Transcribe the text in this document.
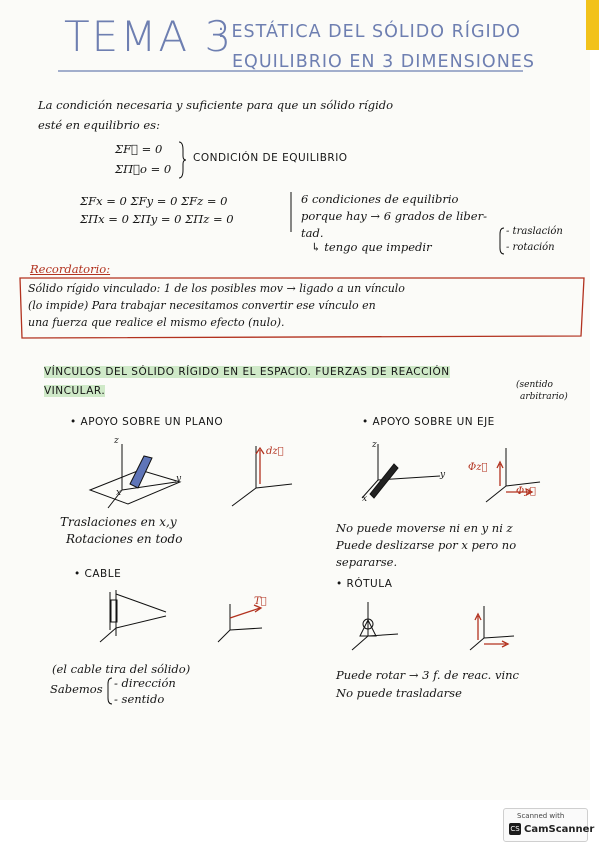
TEMA 3
: ESTÁTICA DEL SÓLIDO RÍGIDO
EQUILIBRIO EN 3 DIMENSIONES
La condición necesaria y suficiente para que un sólido rígido
esté en equilibrio es:
ΣF⃗ = 0
ΣΠ⃗o = 0
CONDICIÓN DE EQUILIBRIO
ΣFx = 0 ΣFy = 0 ΣFz = 0
ΣΠx = 0 ΣΠy = 0 ΣΠz = 0
6 condiciones de equilibrio
porque hay → 6 grados de liber-
tad.
↳ tengo que impedir
- traslación
- rotación
Recordatorio:
Sólido rígido vinculado: 1 de los posibles mov → ligado a un vínculo
(lo impide) Para trabajar necesitamos convertir ese vínculo en
una fuerza que realice el mismo efecto (nulo).
VÍNCULOS DEL SÓLIDO RÍGIDO EN EL ESPACIO. FUERZAS DE REACCIÓN
VINCULAR.	(sentido
arbitrario)
• APOYO SOBRE UN PLANO
z
y
x
dz⃗
Traslaciones en x,y
Rotaciones en todo
• APOYO SOBRE UN EJE
z
y
x
Φz⃗
Φy⃗
No puede moverse ni en y ni z
Puede deslizarse por x pero no
separarse.
• CABLE
T⃗
(el cable tira del sólido)
Sabemos - dirección
- sentido
• RÓTULA
Puede rotar → 3 f. de reac. vinc
No puede trasladarse
Scanned with
CS CamScanner
